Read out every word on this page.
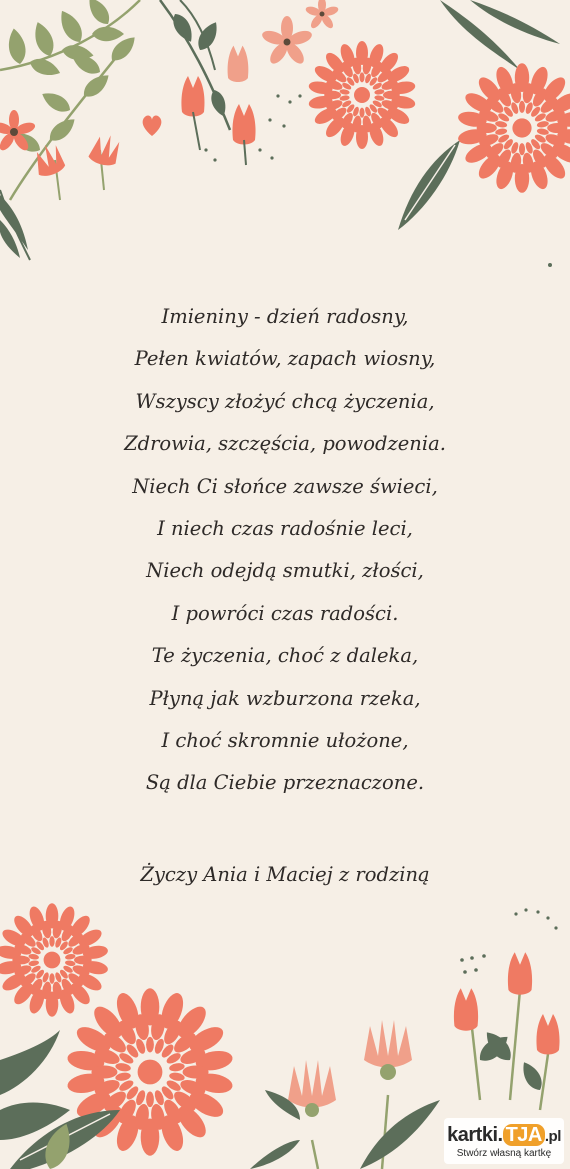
Imieniny - dzień radosny,
Pełen kwiatów, zapach wiosny,
Wszyscy złożyć chcą życzenia,
Zdrowia, szczęścia, powodzenia.
Niech Ci słońce zawsze świeci,
I niech czas radośnie leci,
Niech odejdą smutki, złości,
I powróci czas radości.
Te życzenia, choć z daleka,
Płyną jak wzburzona rzeka,
I choć skromnie ułożone,
Są dla Ciebie przeznaczone.
Życzy Ania i Maciej z rodziną
kartki. TJA .pl
Stwórz własną kartkę
